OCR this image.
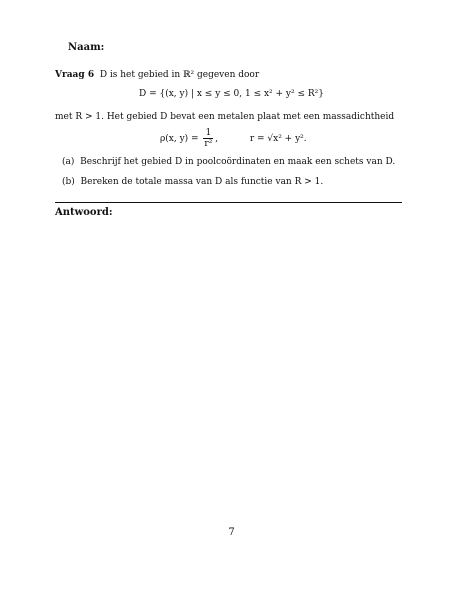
Naam:
Vraag 6 D is het gebied in ℝ² gegeven door
D = {(x, y) | x ≤ y ≤ 0, 1 ≤ x² + y² ≤ R²}
met R > 1. Het gebied D bevat een metalen plaat met een massadichtheid
ρ(x, $y) = \frac{1}{\text{r²}}$ ,	r = √x² + y².
(a) Beschrijf het gebied D in poolcoördinaten en maak een schets van D.
(b) Bereken de totale massa van D als functie van R > 1.
Antwoord:
7
